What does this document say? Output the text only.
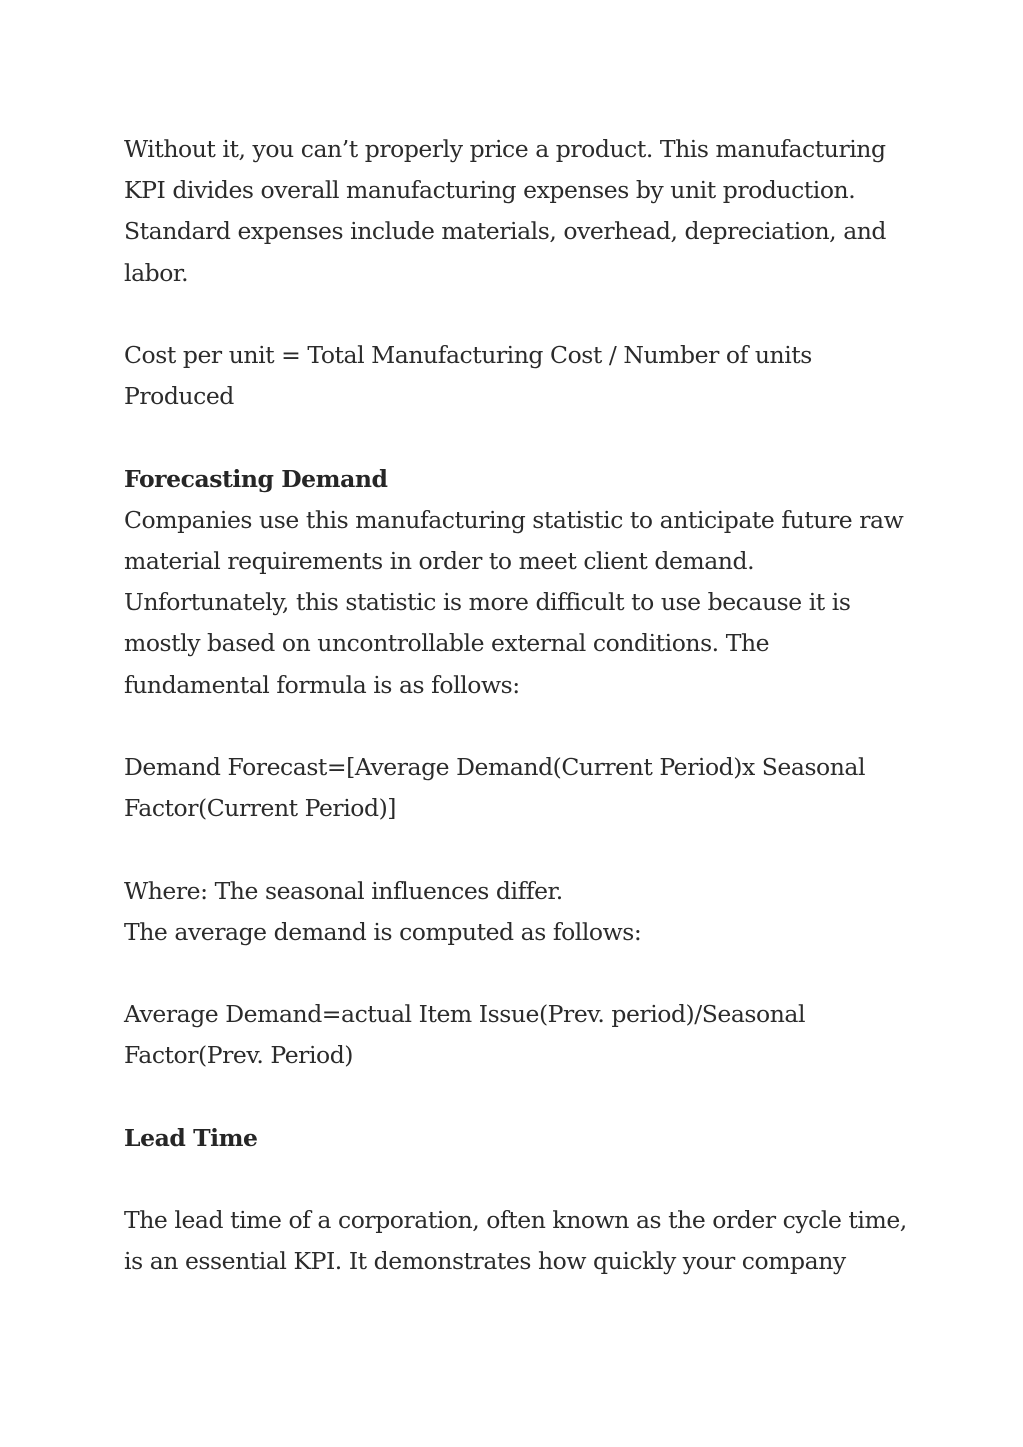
Without it, you can’t properly price a product. This manufacturing
KPI divides overall manufacturing expenses by unit production.
Standard expenses include materials, overhead, depreciation, and
labor.

Cost per unit = Total Manufacturing Cost / Number of units
Produced

Forecasting Demand

Companies use this manufacturing statistic to anticipate future raw
material requirements in order to meet client demand.
Unfortunately, this statistic is more difficult to use because it is
mostly based on uncontrollable external conditions. The
fundamental formula is as follows:

Demand Forecast=[Average Demand(Current Period)x Seasonal
Factor(Current Period)]

Where: The seasonal influences differ.
The average demand is computed as follows:

Average Demand=actual Item Issue(Prev. period)/Seasonal
Factor(Prev. Period)

Lead Time

The lead time of a corporation, often known as the order cycle time,
is an essential KPI. It demonstrates how quickly your company
